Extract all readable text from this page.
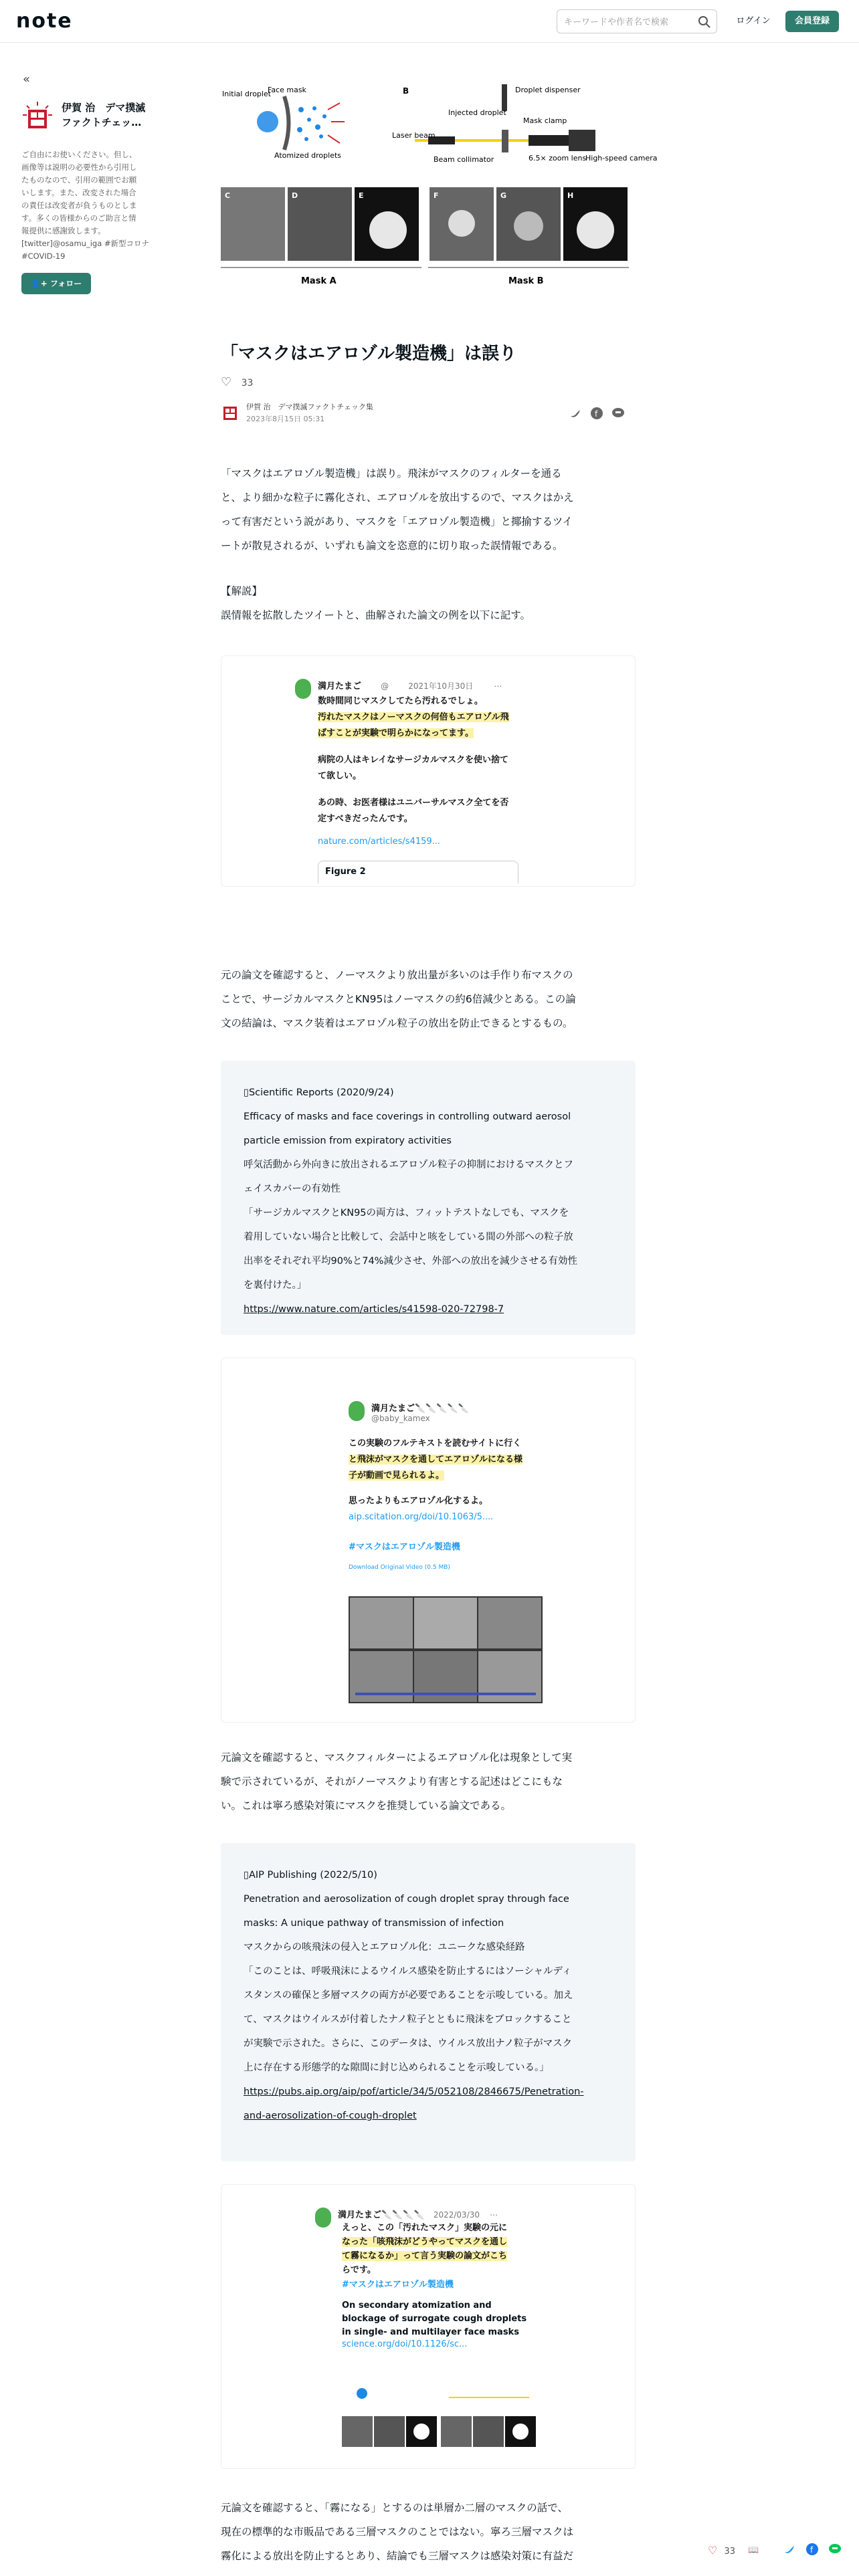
note
キーワードや作者名で検索	ログイン	会員登録
«
伊賀 治　デマ撲滅
ファクトチェッ…
ご自由にお使いください。但し、
画像等は説明の必要性から引用し
たものなので、引用の範囲でお願
いします。また、改変された場合
の責任は改変者が負うものとしま
す。多くの皆様からのご助言と情
報提供に感謝致します。
[twitter]@osamu_iga #新型コロナ
#COVID-19
👤+ フォロー
Initial droplet
Face mask
Atomized droplets
B	Droplet dispenser
Injected droplet
Mask clamp
Laser beam
Beam collimator	6.5× zoom lens
High-speed camera
C	D	E	F	G	H
Mask A	Mask B
「マスクはエアロゾル製造機」は誤り
♡ 33
伊賀 治　デマ撲滅ファクトチェック集
2023年8月15日 05:31
f
「マスクはエアロゾル製造機」は誤り。飛沫がマスクのフィルターを通る
と、より細かな粒子に霧化され、エアロゾルを放出するので、マスクはかえ
って有害だという説があり、マスクを「エアロゾル製造機」と揶揄するツイ
ートが散見されるが、いずれも論文を恣意的に切り取った誤情報である。
【解説】
誤情報を拡散したツイートと、曲解された論文の例を以下に記す。
満月たまご @ 2021年10月30日	⋯
数時間同じマスクしてたら汚れるでしょ。
汚れたマスクはノーマスクの何倍もエアロゾル飛
ばすことが実験で明らかになってます。
病院の人はキレイなサージカルマスクを使い捨て
て欲しい。
あの時、お医者様はユニバーサルマスク全てを否
定すべきだったんです。
nature.com/articles/s4159...
Figure 2
元の論文を確認すると、ノーマスクより放出量が多いのは手作り布マスクの
ことで、サージカルマスクとKN95はノーマスクの約6倍減少とある。この論
文の結論は、マスク装着はエアロゾル粒子の放出を防止できるとするもの。
▯Scientific Reports (2020/9/24)
Efficacy of masks and face coverings in controlling outward aerosol
particle emission from expiratory activities
呼気活動から外向きに放出されるエアロゾル粒子の抑制におけるマスクとフ
ェイスカバーの有効性
「サージカルマスクとKN95の両方は、フィットテストなしでも、マスクを
着用していない場合と比較して、会話中と咳をしている間の外部への粒子放
出率をそれぞれ平均90%と74%減少させ、外部への放出を減少させる有効性
を裏付けた。」
https://www.nature.com/articles/s41598-020-72798-7
満月たまご🔪🔪🔪🔪🔪
@baby_kamex
この実験のフルテキストを読むサイトに行く
と飛沫がマスクを通してエアロゾルになる様
子が動画で見られるよ。
思ったよりもエアロゾル化するよ。
aip.scitation.org/doi/10.1063/5....
#マスクはエアロゾル製造機
Download Original Video (0.5 MB)
元論文を確認すると、マスクフィルターによるエアロゾル化は現象として実
験で示されているが、それがノーマスクより有害とする記述はどこにもな
い。これは寧ろ感染対策にマスクを推奨している論文である。
▯AIP Publishing (2022/5/10)
Penetration and aerosolization of cough droplet spray through face
masks: A unique pathway of transmission of infection
マスクからの咳飛沫の侵入とエアロゾル化：ユニークな感染経路
「このことは、呼吸飛沫によるウイルス感染を防止するにはソーシャルディ
スタンスの確保と多層マスクの両方が必要であることを示唆している。加え
て、マスクはウイルスが付着したナノ粒子とともに飛沫をブロックすること
が実験で示された。さらに、このデータは、ウイルス放出ナノ粒子がマスク
上に存在する形態学的な隙間に封じ込められることを示唆している。」
https://pubs.aip.org/aip/pof/article/34/5/052108/2846675/Penetration-
and-aerosolization-of-cough-droplet
満月たまご🔪🔪🔪🔪 2022/03/30 ⋯
えっと、この「汚れたマスク」実験の元に
なった「咳飛沫がどうやってマスクを通し
て霧になるか」って言う実験の論文がこち
らです。
#マスクはエアロゾル製造機
On secondary atomization and
blockage of surrogate cough droplets
in single- and multilayer face masks
science.org/doi/10.1126/sc...
元論文を確認すると、「霧になる」とするのは単層か二層のマスクの話で、
現在の標準的な市販品である三層マスクのことではない。寧ろ三層マスクは
霧化による放出を防止するとあり、結論でも三層マスクは感染対策に有益だ	♡ 33 📖	f
